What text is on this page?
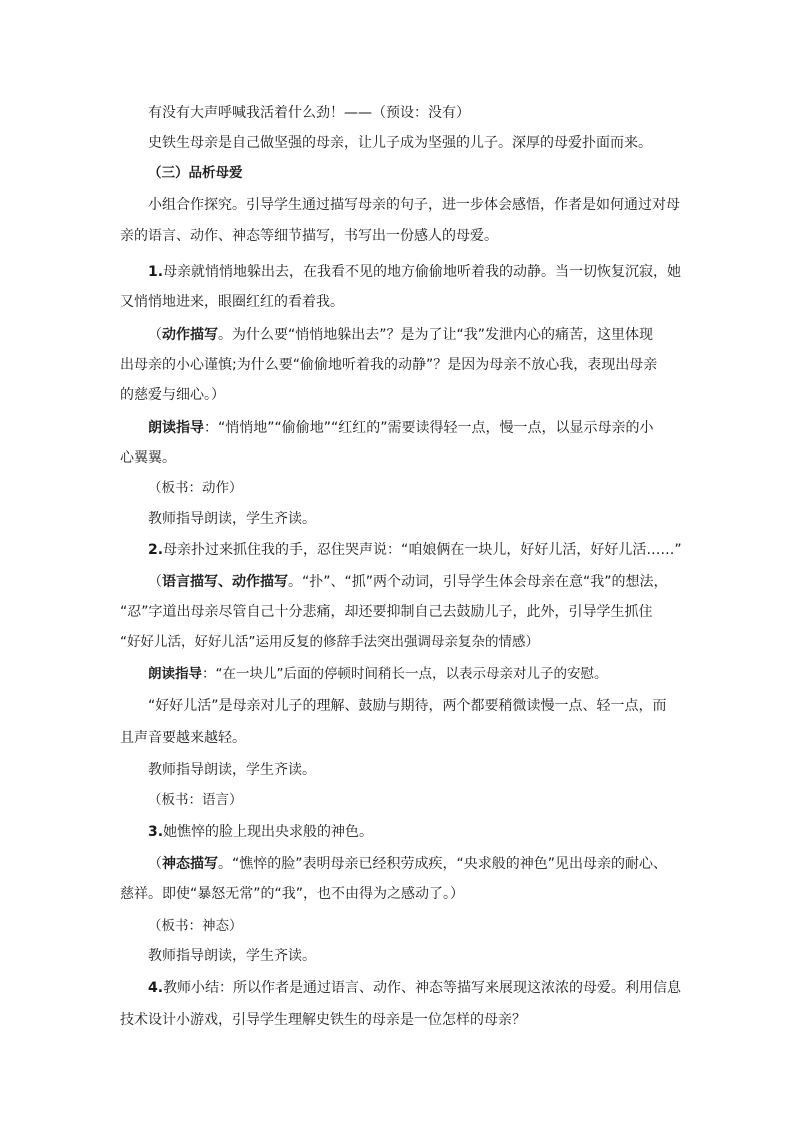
有没有大声呼喊我活着什么劲！——（预设：没有）
史铁生母亲是自己做坚强的母亲，让儿子成为坚强的儿子。深厚的母爱扑面而来。
（三）品析母爱
小组合作探究。引导学生通过描写母亲的句子，进一步体会感悟，作者是如何通过对母
亲的语言、动作、神态等细节描写，书写出一份感人的母爱。
1.母亲就悄悄地躲出去，在我看不见的地方偷偷地听着我的动静。当一切恢复沉寂，她
又悄悄地进来，眼圈红红的看着我。
（动作描写。为什么要“悄悄地躲出去”？是为了让“我”发泄内心的痛苦，这里体现
出母亲的小心谨慎;为什么要“偷偷地听着我的动静”？是因为母亲不放心我，表现出母亲
的慈爱与细心。）
朗读指导：“悄悄地”“偷偷地”“红红的”需要读得轻一点，慢一点，以显示母亲的小
心翼翼。
（板书：动作）
教师指导朗读，学生齐读。
2.母亲扑过来抓住我的手，忍住哭声说：“咱娘俩在一块儿，好好儿活，好好儿活……”
（语言描写、动作描写。“扑”、“抓”两个动词，引导学生体会母亲在意“我”的想法，
“忍”字道出母亲尽管自己十分悲痛，却还要抑制自己去鼓励儿子，此外，引导学生抓住
“好好儿活，好好儿活”运用反复的修辞手法突出强调母亲复杂的情感）
朗读指导：“在一块儿”后面的停顿时间稍长一点，以表示母亲对儿子的安慰。
“好好儿活”是母亲对儿子的理解、鼓励与期待，两个都要稍微读慢一点、轻一点，而
且声音要越来越轻。
教师指导朗读，学生齐读。
（板书：语言）
3.她憔悴的脸上现出央求般的神色。
（神态描写。“憔悴的脸”表明母亲已经积劳成疾，“央求般的神色”见出母亲的耐心、
慈祥。即使“暴怒无常”的“我”，也不由得为之感动了。）
（板书：神态）
教师指导朗读，学生齐读。
4.教师小结：所以作者是通过语言、动作、神态等描写来展现这浓浓的母爱。利用信息
技术设计小游戏，引导学生理解史铁生的母亲是一位怎样的母亲？
